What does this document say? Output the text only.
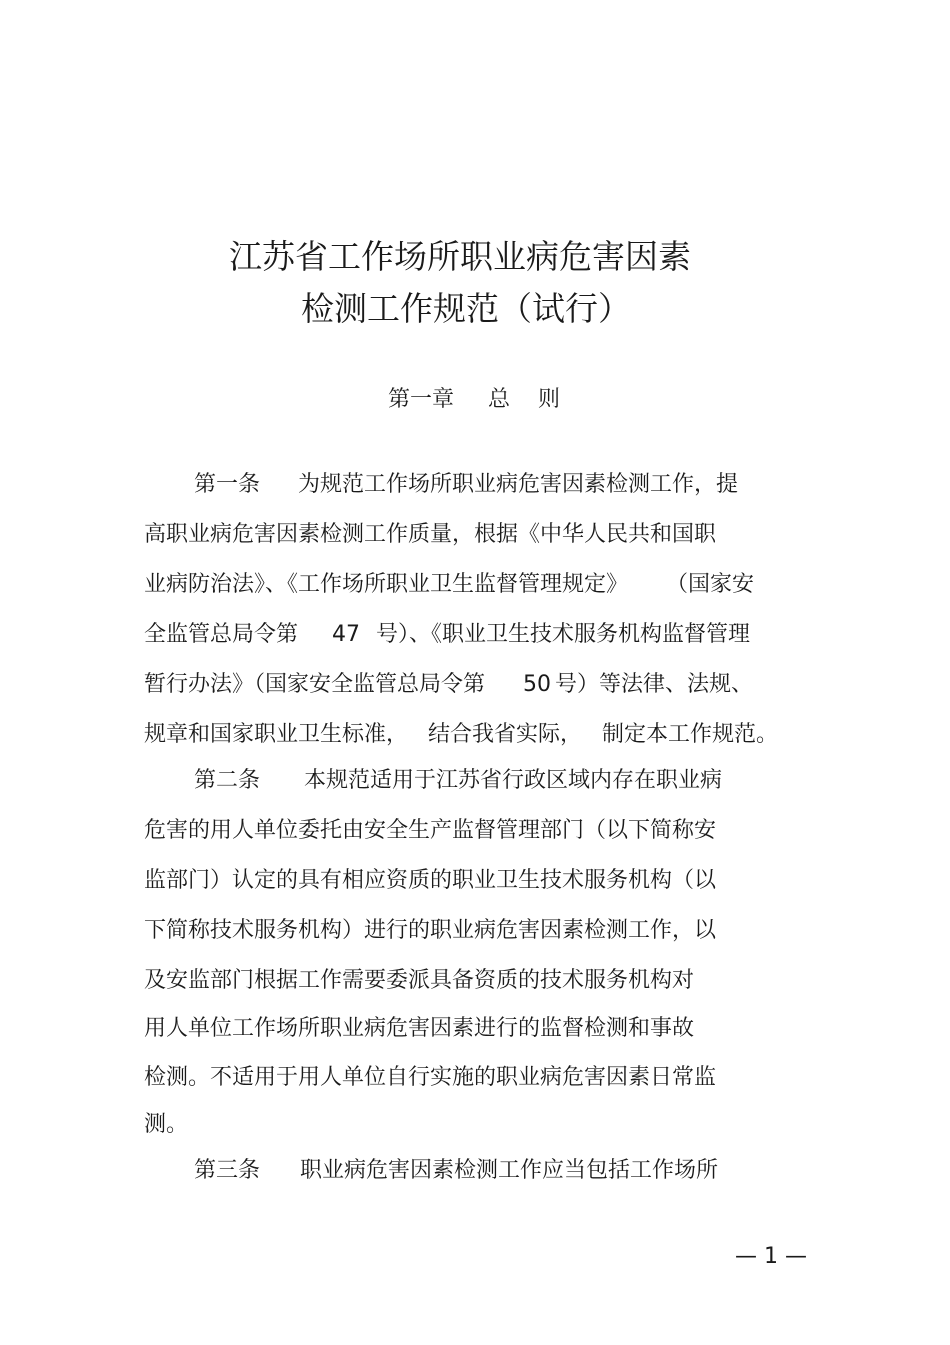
江苏省工作场所职业病危害因素
检测工作规范（试行）
第一章 总 则
第一条 为规范工作场所职业病危害因素检测工作，提
高职业病危害因素检测工作质量，根据《中华人民共和国职
业病防治法》、《工作场所职业卫生监督管理规定》 （国家安
全监管总局令第 47 号）、《职业卫生技术服务机构监督管理
暂行办法》（国家安全监管总局令第 50 号）等法律、法规、
规章和国家职业卫生标准， 结合我省实际， 制定本工作规范。
第二条 本规范适用于江苏省行政区域内存在职业病
危害的用人单位委托由安全生产监督管理部门（以下简称安
监部门）认定的具有相应资质的职业卫生技术服务机构（以
下简称技术服务机构）进行的职业病危害因素检测工作，以
及安监部门根据工作需要委派具备资质的技术服务机构对
用人单位工作场所职业病危害因素进行的监督检测和事故
检测。不适用于用人单位自行实施的职业病危害因素日常监
测。
第三条 职业病危害因素检测工作应当包括工作场所
— 1 —
